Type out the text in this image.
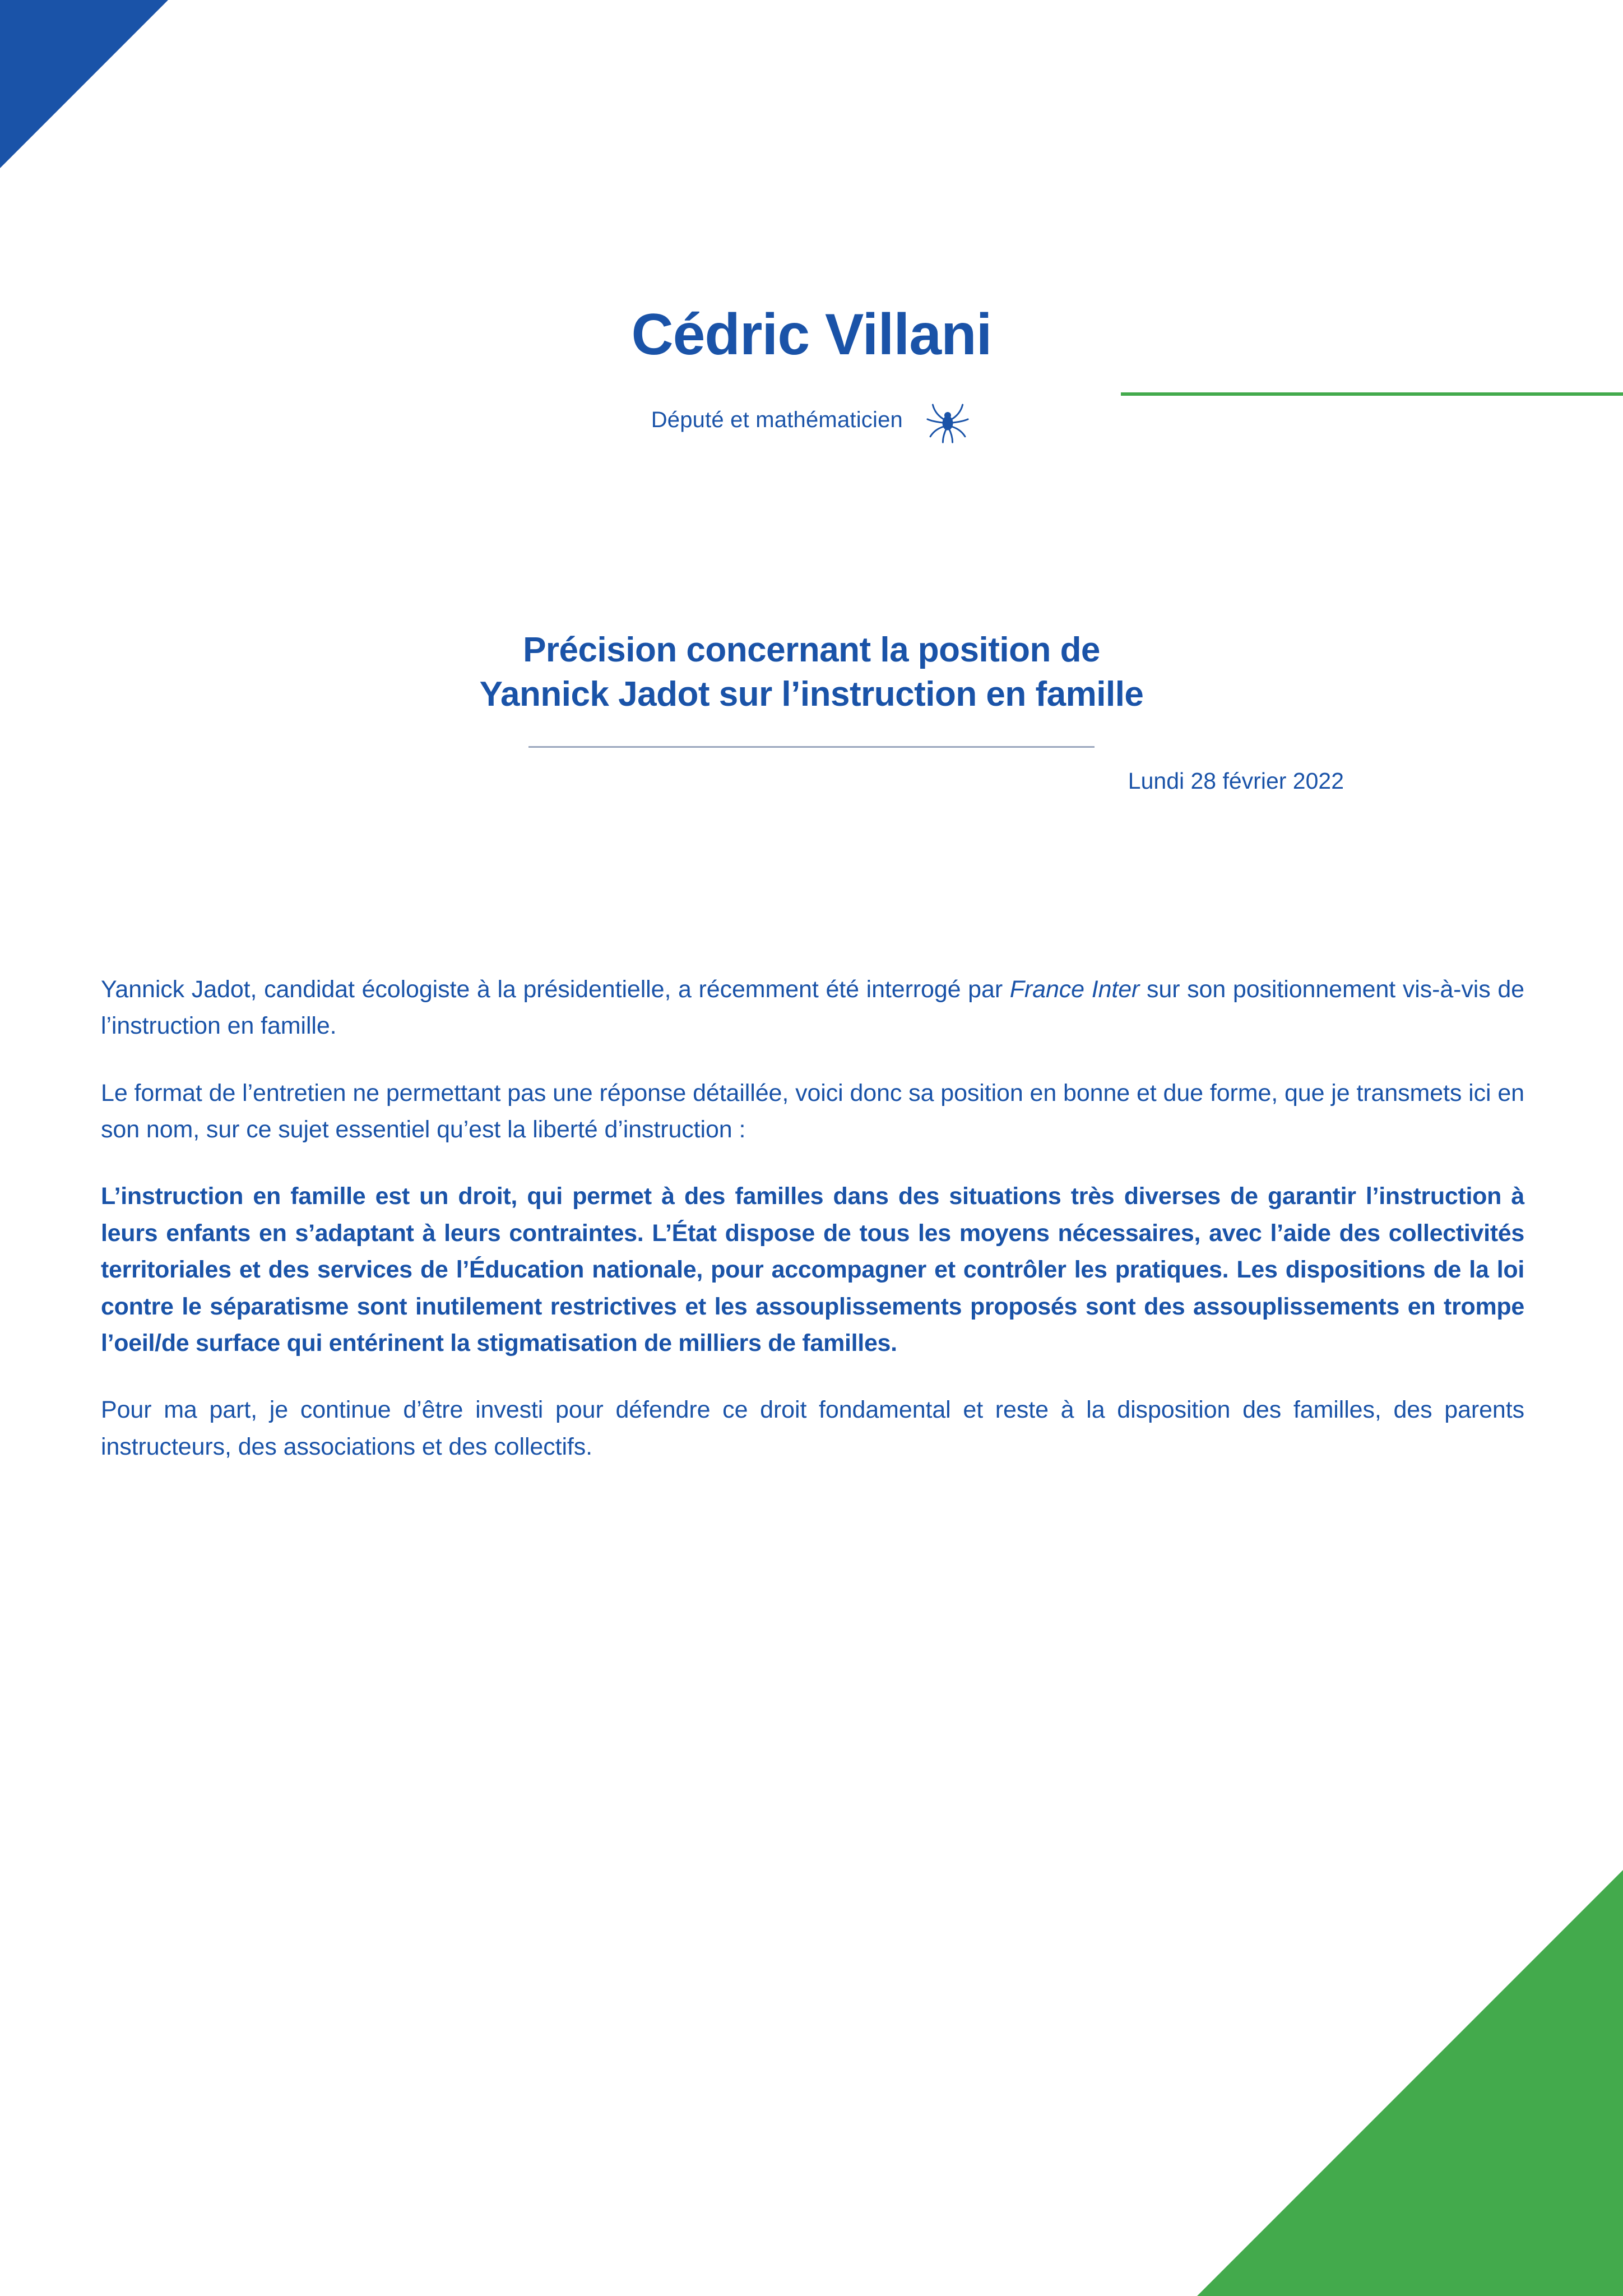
Cédric Villani
Député et mathématicien
Précision concernant la position de
Yannick Jadot sur l’instruction en famille
Lundi 28 février 2022

Yannick Jadot, candidat écologiste à la présidentielle, a récemment été interrogé par France Inter sur son positionnement vis-à-vis de l’instruction en famille.

Le format de l’entretien ne permettant pas une réponse détaillée, voici donc sa position en bonne et due forme, que je transmets ici en son nom, sur ce sujet essentiel qu’est la liberté d’instruction :

L’instruction en famille est un droit, qui permet à des familles dans des situations très diverses de garantir l’instruction à leurs enfants en s’adaptant à leurs contraintes. L’État dispose de tous les moyens nécessaires, avec l’aide des collectivités territoriales et des services de l’Éducation nationale, pour accompagner et contrôler les pratiques. Les dispositions de la loi contre le séparatisme sont inutilement restrictives et les assouplissements proposés sont des assouplissements en trompe l’oeil/de surface qui entérinent la stigmatisation de milliers de familles.

Pour ma part, je continue d’être investi pour défendre ce droit fondamental et reste à la disposition des familles, des parents instructeurs, des associations et des collectifs.
